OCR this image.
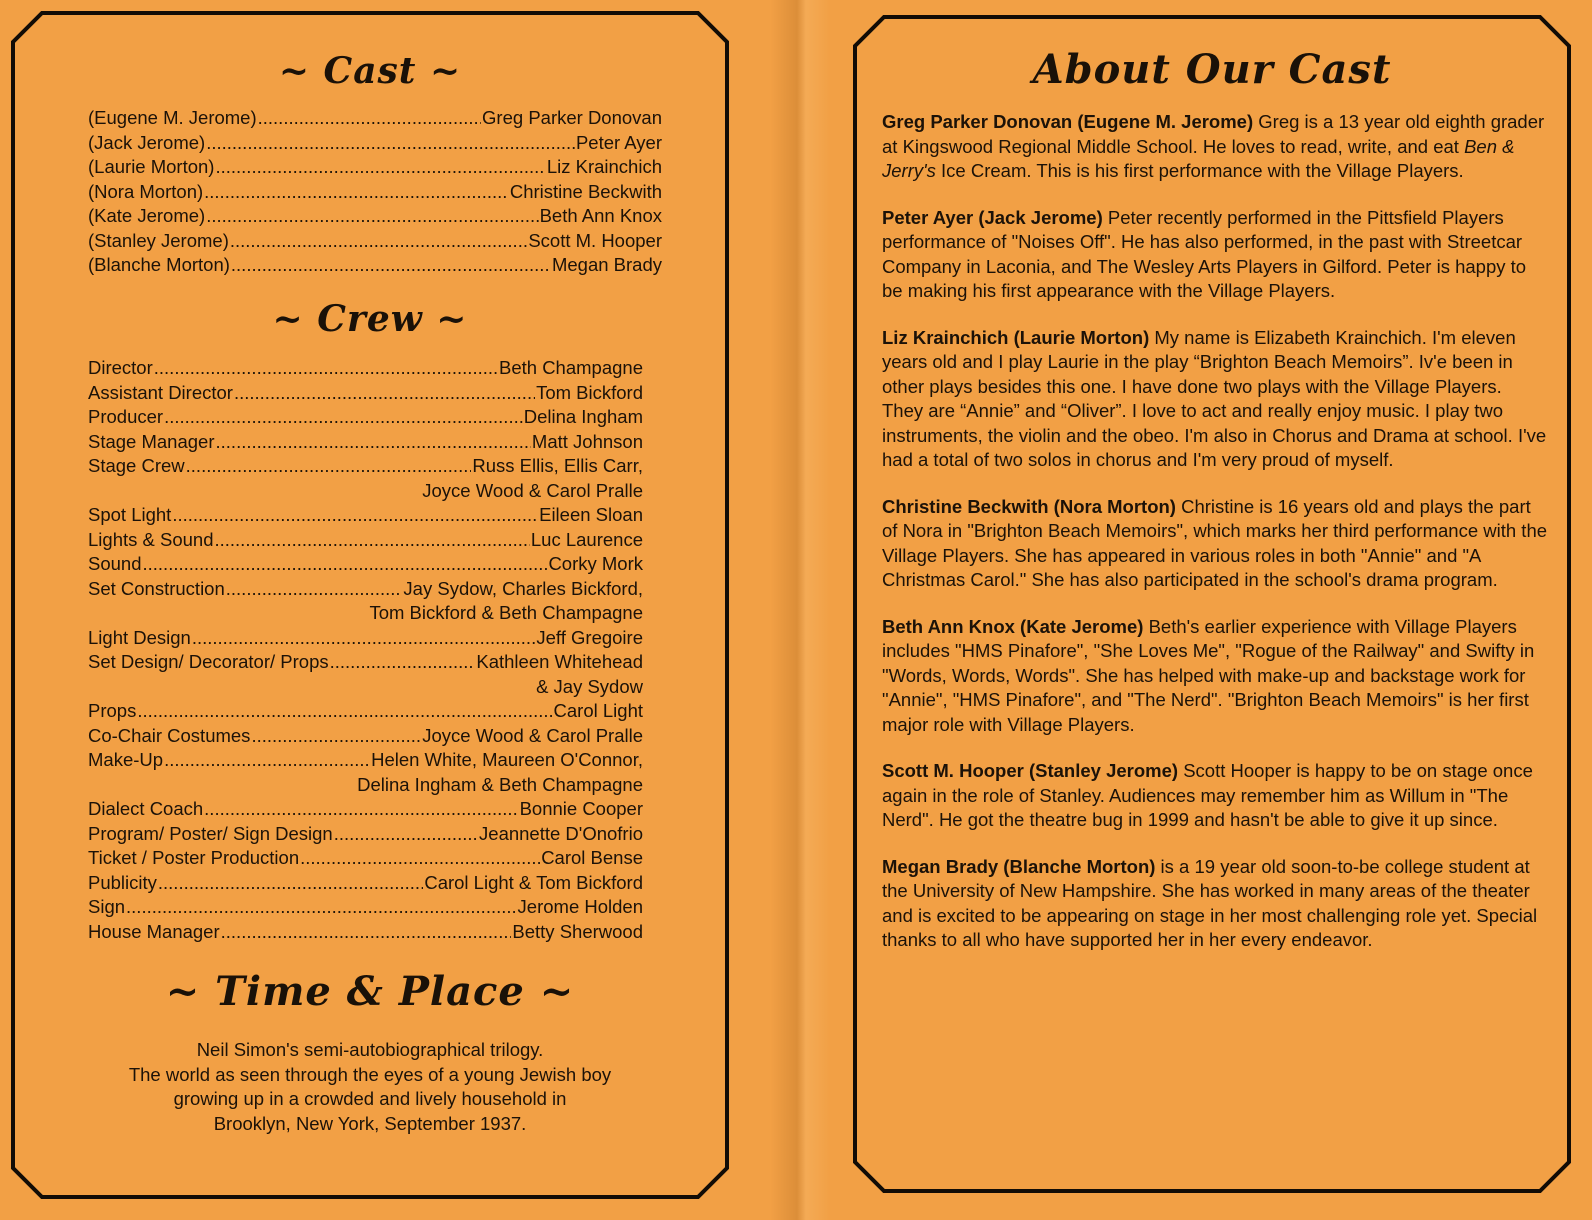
~ Cast ~
(Eugene M. Jerome) .....	Greg Parker Donovan
(Jack Jerome) .....	Peter Ayer
(Laurie Morton) .....	Liz Krainchich
(Nora Morton) .....	Christine Beckwith
(Kate Jerome) .....	Beth Ann Knox
(Stanley Jerome) .....	Scott M. Hooper
(Blanche Morton) .....	Megan Brady
~ Crew ~
Director .....	Beth Champagne
Assistant Director .....	Tom Bickford
Producer .....	Delina Ingham
Stage Manager .....	Matt Johnson
Stage Crew .....	Russ Ellis, Ellis Carr,
Joyce Wood & Carol Pralle
Spot Light .....	Eileen Sloan
Lights & Sound .....	Luc Laurence
Sound .....	Corky Mork
Set Construction .....	Jay Sydow, Charles Bickford,
Tom Bickford & Beth Champagne
Light Design .....	Jeff Gregoire
Set Design/ Decorator/ Props .....	Kathleen Whitehead
& Jay Sydow
Props .....	Carol Light
Co-Chair Costumes .....	Joyce Wood & Carol Pralle
Make-Up .....	Helen White, Maureen O'Connor,
Delina Ingham & Beth Champagne
Dialect Coach .....	Bonnie Cooper
Program/ Poster/ Sign Design .....	Jeannette D'Onofrio
Ticket / Poster Production .....	Carol Bense
Publicity .....	Carol Light & Tom Bickford
Sign .....	Jerome Holden
House Manager .....	Betty Sherwood
~ Time & Place ~
Neil Simon's semi-autobiographical trilogy.
The world as seen through the eyes of a young Jewish boy
growing up in a crowded and lively household in
Brooklyn, New York, September 1937.
About Our Cast
Greg Parker Donovan (Eugene M. Jerome) Greg is a 13 year old eighth grader at Kingswood Regional Middle School. He loves to read, write, and eat Ben & Jerry's Ice Cream. This is his first performance with the Village Players.
Peter Ayer (Jack Jerome) Peter recently performed in the Pittsfield Players performance of "Noises Off". He has also performed, in the past with Streetcar Company in Laconia, and The Wesley Arts Players in Gilford. Peter is happy to be making his first appearance with the Village Players.
Liz Krainchich (Laurie Morton) My name is Elizabeth Krainchich. I'm eleven years old and I play Laurie in the play “Brighton Beach Memoirs”. Iv'e been in other plays besides this one. I have done two plays with the Village Players. They are “Annie” and “Oliver”. I love to act and really enjoy music. I play two instruments, the violin and the obeo. I'm also in Chorus and Drama at school. I've had a total of two solos in chorus and I'm very proud of myself.
Christine Beckwith (Nora Morton) Christine is 16 years old and plays the part of Nora in "Brighton Beach Memoirs", which marks her third performance with the Village Players. She has appeared in various roles in both "Annie" and "A Christmas Carol." She has also participated in the school's drama program.
Beth Ann Knox (Kate Jerome) Beth's earlier experience with Village Players includes "HMS Pinafore", "She Loves Me", "Rogue of the Railway" and Swifty in "Words, Words, Words". She has helped with make-up and backstage work for "Annie", "HMS Pinafore", and "The Nerd". "Brighton Beach Memoirs" is her first major role with Village Players.
Scott M. Hooper (Stanley Jerome) Scott Hooper is happy to be on stage once again in the role of Stanley. Audiences may remember him as Willum in "The Nerd". He got the theatre bug in 1999 and hasn't be able to give it up since.
Megan Brady (Blanche Morton) is a 19 year old soon-to-be college student at the University of New Hampshire. She has worked in many areas of the theater and is excited to be appearing on stage in her most challenging role yet. Special thanks to all who have supported her in her every endeavor.
